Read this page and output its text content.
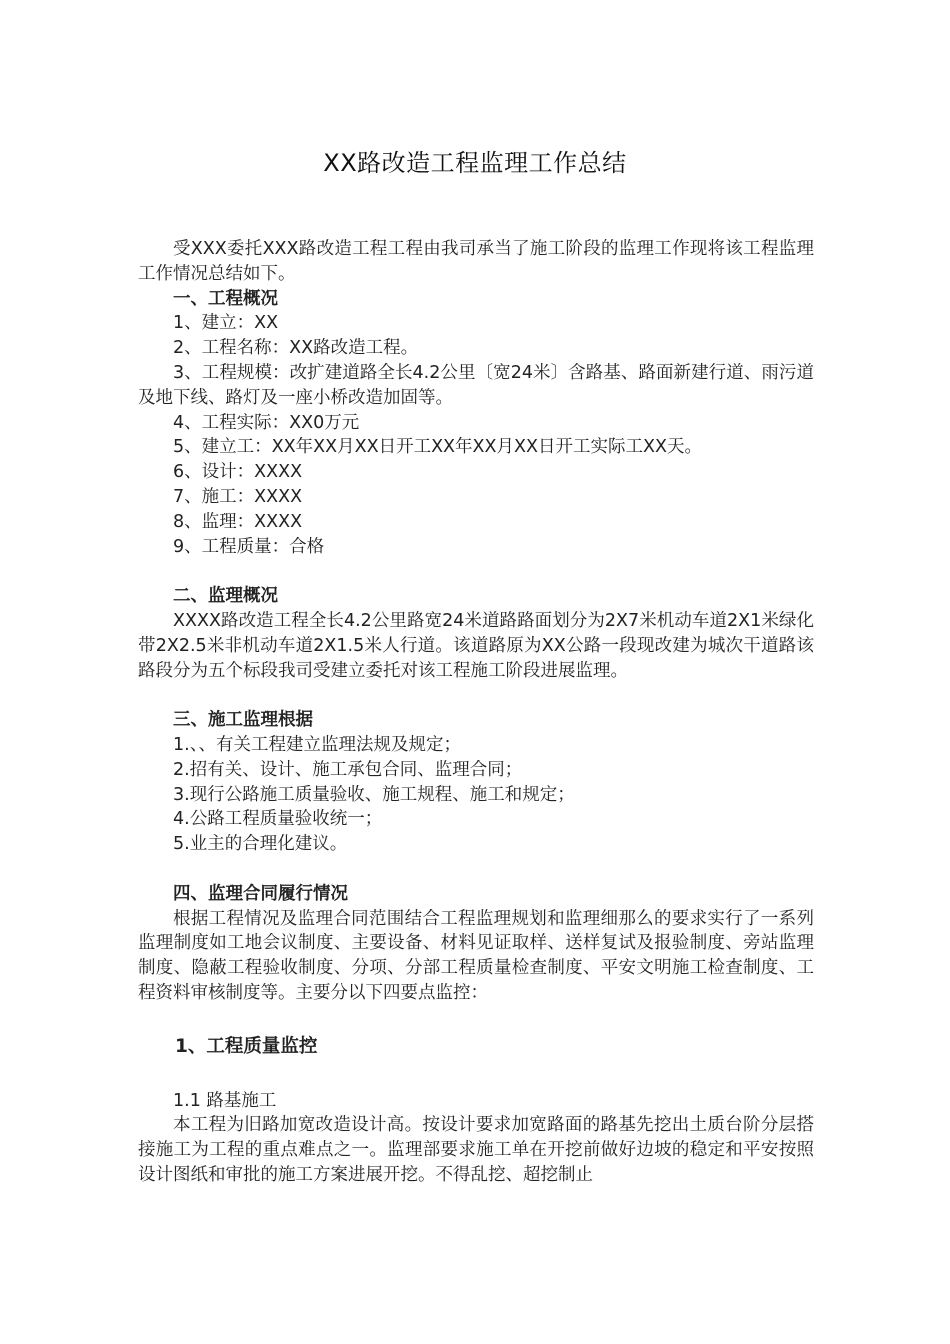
XX路改造工程监理工作总结

受XXX委托XXX路改造工程工程由我司承当了施工阶段的监理工作现将该工程监理工作情况总结如下。

一、工程概况

1、建立：XX

2、工程名称：XX路改造工程。

3、工程规模：改扩建道路全长4.2公里〔宽24米〕含路基、路面新建行道、雨污道及地下线、路灯及一座小桥改造加固等。

4、工程实际：XX0万元

5、建立工：XX年XX月XX日开工XX年XX月XX日开工实际工XX天。

6、设计：XXXX

7、施工：XXXX

8、监理：XXXX

9、工程质量：合格

二、监理概况

XXXX路改造工程全长4.2公里路宽24米道路路面划分为2X7米机动车道2X1米绿化带2X2.5米非机动车道2X1.5米人行道。该道路原为XX公路一段现改建为城次干道路该路段分为五个标段我司受建立委托对该工程施工阶段进展监理。

三、施工监理根据

1.、、有关工程建立监理法规及规定；

2.招有关、设计、施工承包合同、监理合同；

3.现行公路施工质量验收、施工规程、施工和规定；

4.公路工程质量验收统一；

5.业主的合理化建议。

四、监理合同履行情况

根据工程情况及监理合同范围结合工程监理规划和监理细那么的要求实行了一系列监理制度如工地会议制度、主要设备、材料见证取样、送样复试及报验制度、旁站监理制度、隐蔽工程验收制度、分项、分部工程质量检查制度、平安文明施工检查制度、工程资料审核制度等。主要分以下四要点监控：

1、工程质量监控

1.1 路基施工

本工程为旧路加宽改造设计高。按设计要求加宽路面的路基先挖出土质台阶分层搭接施工为工程的重点难点之一。监理部要求施工单在开挖前做好边坡的稳定和平安按照设计图纸和审批的施工方案进展开挖。不得乱挖、超挖制止
